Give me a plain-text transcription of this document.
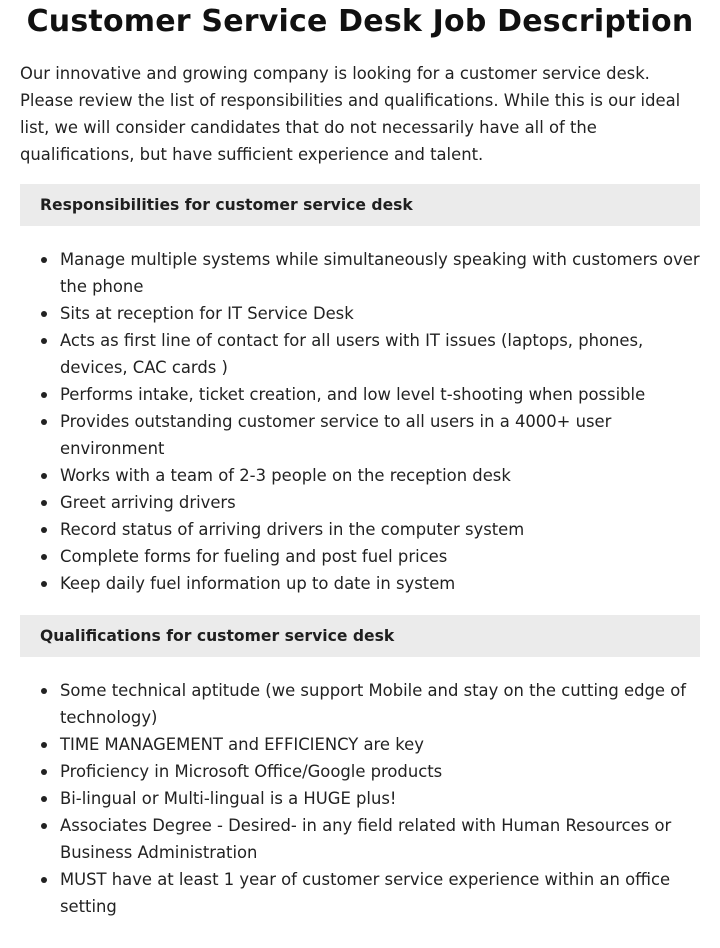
Customer Service Desk Job Description

Our innovative and growing company is looking for a customer service desk. Please review the list of responsibilities and qualifications. While this is our ideal list, we will consider candidates that do not necessarily have all of the qualifications, but have sufficient experience and talent.

Responsibilities for customer service desk
Manage multiple systems while simultaneously speaking with customers over the phone
Sits at reception for IT Service Desk
Acts as first line of contact for all users with IT issues (laptops, phones, devices, CAC cards )
Performs intake, ticket creation, and low level t-shooting when possible
Provides outstanding customer service to all users in a 4000+ user environment
Works with a team of 2-3 people on the reception desk
Greet arriving drivers
Record status of arriving drivers in the computer system
Complete forms for fueling and post fuel prices
Keep daily fuel information up to date in system
Qualifications for customer service desk
Some technical aptitude (we support Mobile and stay on the cutting edge of technology)
TIME MANAGEMENT and EFFICIENCY are key
Proficiency in Microsoft Office/Google products
Bi-lingual or Multi-lingual is a HUGE plus!
Associates Degree - Desired- in any field related with Human Resources or Business Administration
MUST have at least 1 year of customer service experience within an office setting
